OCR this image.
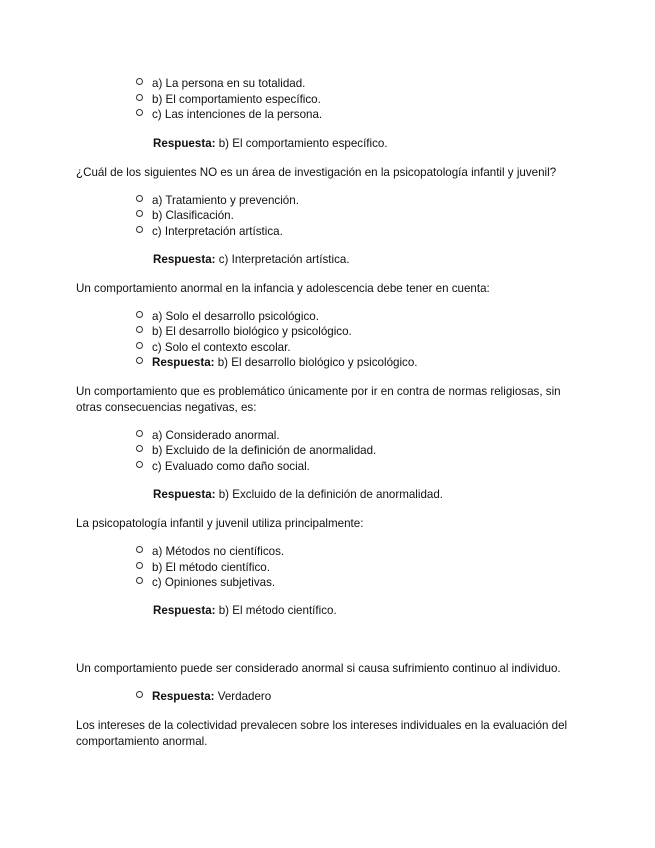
a) La persona en su totalidad.
b) El comportamiento específico.
c) Las intenciones de la persona.
Respuesta: b) El comportamiento específico.
¿Cuál de los siguientes NO es un área de investigación en la psicopatología infantil y juvenil?
a) Tratamiento y prevención.
b) Clasificación.
c) Interpretación artística.
Respuesta: c) Interpretación artística.
Un comportamiento anormal en la infancia y adolescencia debe tener en cuenta:
a) Solo el desarrollo psicológico.
b) El desarrollo biológico y psicológico.
c) Solo el contexto escolar.
Respuesta: b) El desarrollo biológico y psicológico.
Un comportamiento que es problemático únicamente por ir en contra de normas religiosas, sin otras consecuencias negativas, es:
a) Considerado anormal.
b) Excluido de la definición de anormalidad.
c) Evaluado como daño social.
Respuesta: b) Excluido de la definición de anormalidad.
La psicopatología infantil y juvenil utiliza principalmente:
a) Métodos no científicos.
b) El método científico.
c) Opiniones subjetivas.
Respuesta: b) El método científico.
Un comportamiento puede ser considerado anormal si causa sufrimiento continuo al individuo.
Respuesta: Verdadero
Los intereses de la colectividad prevalecen sobre los intereses individuales en la evaluación del comportamiento anormal.
